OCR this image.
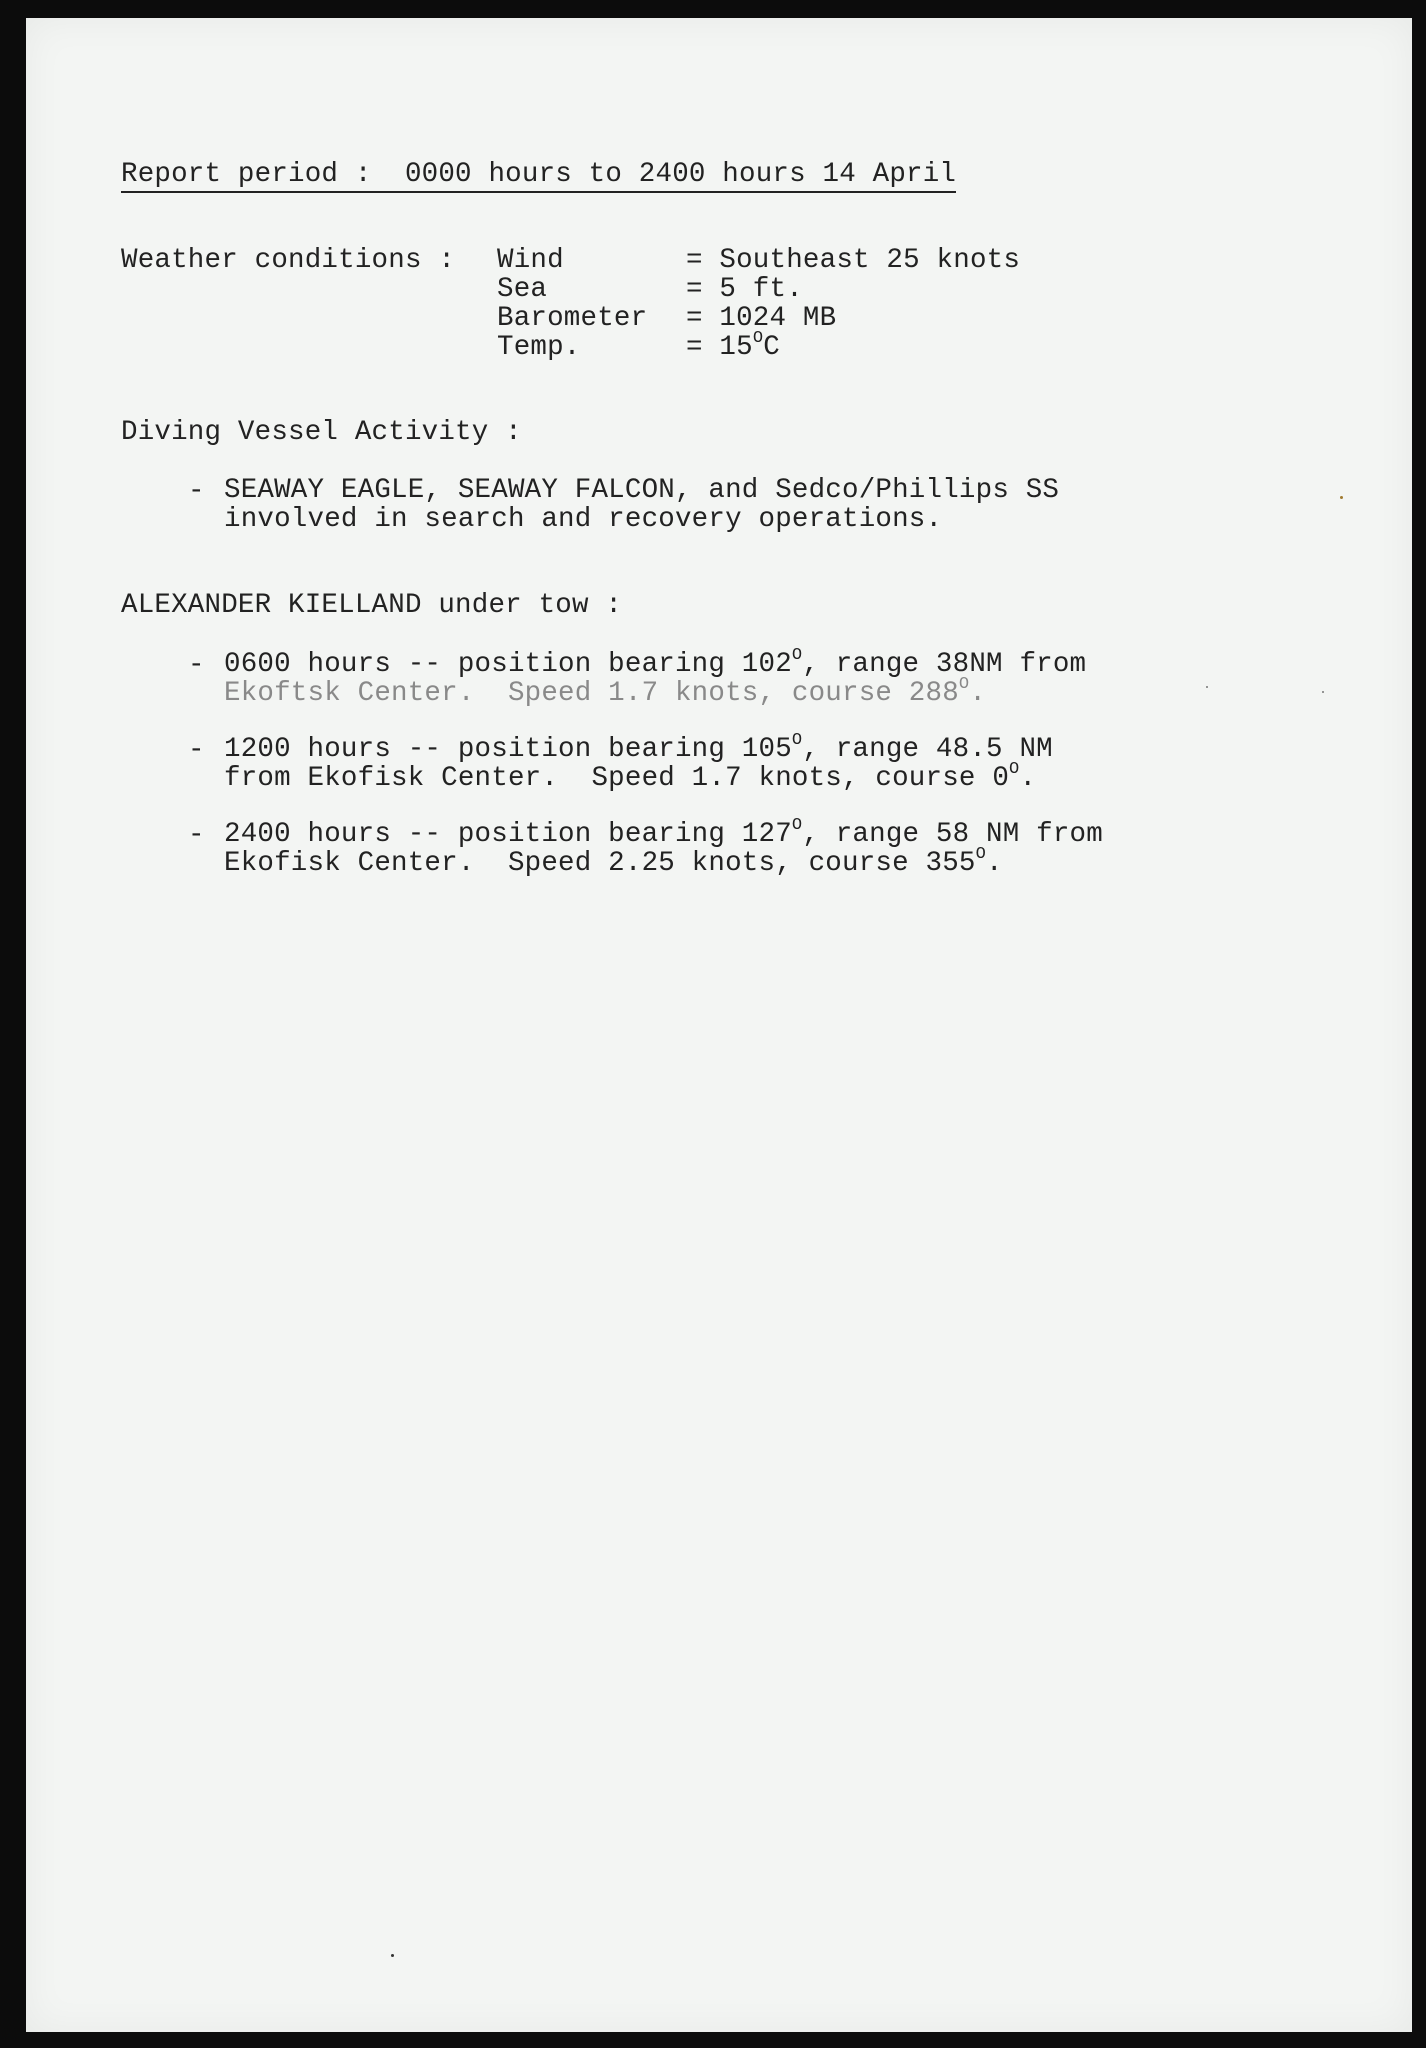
Report period :  0000 hours to 2400 hours 14 April
Weather conditions : Wind	= Southeast 25 knots
Sea	= 5 ft.
Barometer = 1024 MB
Temp.	= $15^OC$
Diving Vessel Activity :
- SEAWAY EAGLE, SEAWAY FALCON, and Sedco/Phillips SS
involved in search and recovery operations.
ALEXANDER KIELLAND under tow :
- 0600 hours -- position bearing $102^O$, range 38NM from
Ekoftsk Center.  Speed 1.7 knots, course $288^O$.
- 1200 hours -- position bearing $105^O$, range 48.5 NM
from Ekofisk Center.  Speed 1.7 knots, course $0^O$.
- 2400 hours -- position bearing $127^O$, range 58 NM from
Ekofisk Center.  Speed 2.25 knots, course $355^O$.
